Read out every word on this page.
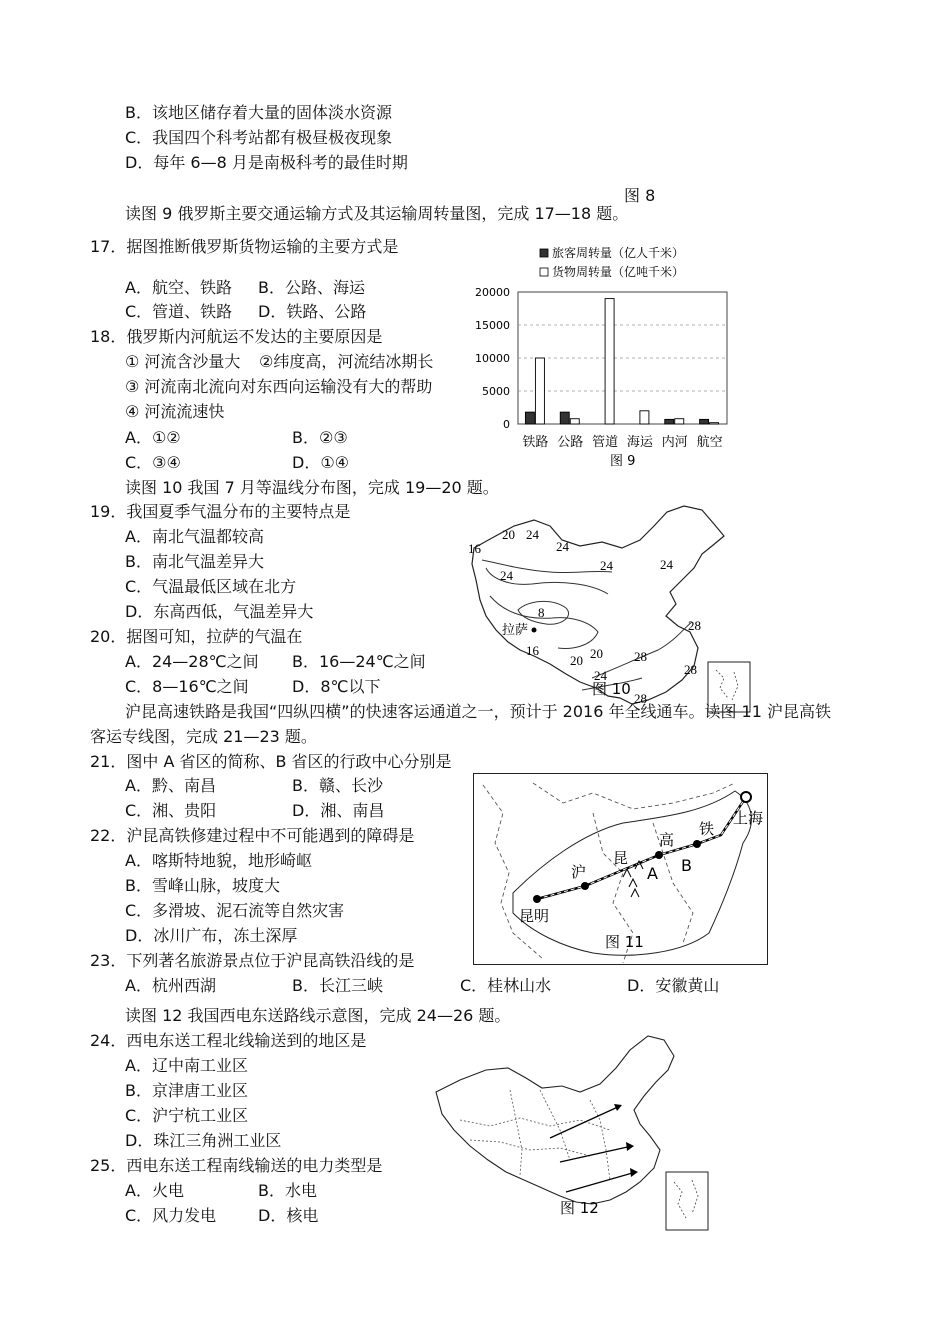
B．该地区储存着大量的固体淡水资源
C．我国四个科考站都有极昼极夜现象
D．每年 6—8 月是南极科考的最佳时期
图 8
读图 9 俄罗斯主要交通运输方式及其运输周转量图，完成 17—18 题。
17．据图推断俄罗斯货物运输的主要方式是
A．航空、铁路 B．公路、海运
C．管道、铁路 D．铁路、公路
18．俄罗斯内河航运不发达的主要原因是
① 河流含沙量大 ②纬度高，河流结冰期长
③ 河流南北流向对东西向运输没有大的帮助
④ 河流流速快
A．①②	B．②③
C．③④	D．①④
旅客周转量（亿人千米）
货物周转量（亿吨千米）
20000
15000
10000
5000
0
铁路 公路 管道 海运 内河 航空
图 9
读图 10 我国 7 月等温线分布图，完成 19—20 题。
19．我国夏季气温分布的主要特点是
A．南北气温都较高
B．南北气温差异大
C．气温最低区域在北方
D．东高西低，气温差异大
20．据图可知，拉萨的气温在
A．24—28℃之间 B．16—24℃之间
C．8—16℃之间	D．8℃以下
拉萨
16
20 24
24
24
24	24
8
16
20 20
24
28
28
28
28
图 10
沪昆高速铁路是我国“四纵四横”的快速客运通道之一，预计于 2016 年全线通车。读图 11 沪昆高铁
客运专线图，完成 21—23 题。
21．图中 A 省区的简称、B 省区的行政中心分别是
A．黔、南昌	B．赣、长沙
C．湘、贵阳	D．湘、南昌
22．沪昆高铁修建过程中不可能遇到的障碍是
A．喀斯特地貌，地形崎岖
B．雪峰山脉，坡度大
C．多滑坡、泥石流等自然灾害
D．冰川广布，冻土深厚
昆明
上海
沪
昆
高
铁
A B
图 11
23．下列著名旅游景点位于沪昆高铁沿线的是
A．杭州西湖	B．长江三峡	C．桂林山水	D．安徽黄山
读图 12 我国西电东送路线示意图，完成 24—26 题。
24．西电东送工程北线输送到的地区是
A．辽中南工业区
B．京津唐工业区
C．沪宁杭工业区
D．珠江三角洲工业区
25．西电东送工程南线输送的电力类型是
A．火电	B．水电
C．风力发电	D．核电	图 12
